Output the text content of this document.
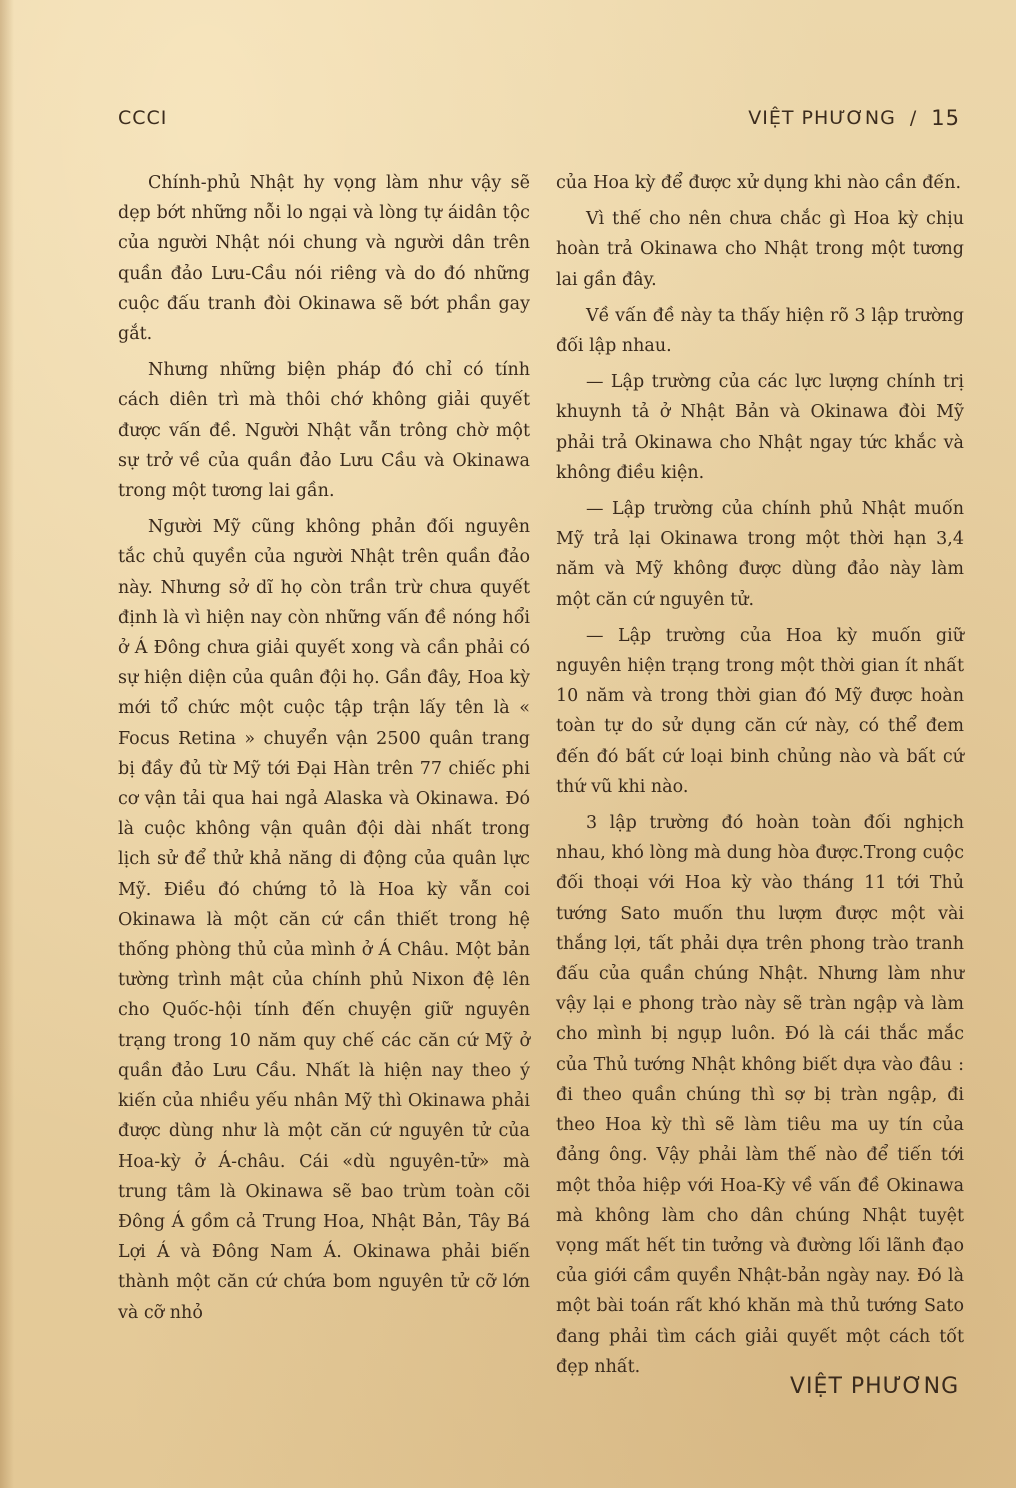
CCCI	VIỆT PHƯƠNG / 15

Chính-phủ Nhật hy vọng làm như vậy sẽ dẹp bớt những nỗi lo ngại và lòng tự áidân tộc của người Nhật nói chung và người dân trên quần đảo Lưu-Cầu nói riêng và do đó những cuộc đấu tranh đòi Okinawa sẽ bớt phần gay gắt.

Nhưng những biện pháp đó chỉ có tính cách diên trì mà thôi chớ không giải quyết được vấn đề. Người Nhật vẫn trông chờ một sự trở về của quần đảo Lưu Cầu và Okinawa trong một tương lai gần.

Người Mỹ cũng không phản đối nguyên tắc chủ quyền của người Nhật trên quần đảo này. Nhưng sở dĩ họ còn trần trừ chưa quyết định là vì hiện nay còn những vấn đề nóng hổi ở Á Đông chưa giải quyết xong và cần phải có sự hiện diện của quân đội họ. Gần đây, Hoa kỳ mới tổ chức một cuộc tập trận lấy tên là « Focus Retina » chuyển vận 2500 quân trang bị đầy đủ từ Mỹ tới Đại Hàn trên 77 chiếc phi cơ vận tải qua hai ngả Alaska và Okinawa. Đó là cuộc không vận quân đội dài nhất trong lịch sử để thử khả năng di động của quân lực Mỹ. Điều đó chứng tỏ là Hoa kỳ vẫn coi Okinawa là một căn cứ cần thiết trong hệ thống phòng thủ của mình ở Á Châu. Một bản tường trình mật của chính phủ Nixon đệ lên cho Quốc-hội tính đến chuyện giữ nguyên trạng trong 10 năm quy chế các căn cứ Mỹ ở quần đảo Lưu Cầu. Nhất là hiện nay theo ý kiến của nhiều yếu nhân Mỹ thì Okinawa phải được dùng như là một căn cứ nguyên tử của Hoa-kỳ ở Á-châu. Cái «dù nguyên-tử» mà trung tâm là Okinawa sẽ bao trùm toàn cõi Đông Á gồm cả Trung Hoa, Nhật Bản, Tây Bá Lợi Á và Đông Nam Á. Okinawa phải biến thành một căn cứ chứa bom nguyên tử cỡ lớn và cỡ nhỏ

của Hoa kỳ để được xử dụng khi nào cần đến.

Vì thế cho nên chưa chắc gì Hoa kỳ chịu hoàn trả Okinawa cho Nhật trong một tương lai gần đây.

Về vấn đề này ta thấy hiện rõ 3 lập trường đối lập nhau.

— Lập trường của các lực lượng chính trị khuynh tả ở Nhật Bản và Okinawa đòi Mỹ phải trả Okinawa cho Nhật ngay tức khắc và không điều kiện.

— Lập trường của chính phủ Nhật muốn Mỹ trả lại Okinawa trong một thời hạn 3,4 năm và Mỹ không được dùng đảo này làm một căn cứ nguyên tử.

— Lập trường của Hoa kỳ muốn giữ nguyên hiện trạng trong một thời gian ít nhất 10 năm và trong thời gian đó Mỹ được hoàn toàn tự do sử dụng căn cứ này, có thể đem đến đó bất cứ loại binh chủng nào và bất cứ thứ vũ khi nào.

3 lập trường đó hoàn toàn đối nghịch nhau, khó lòng mà dung hòa được.Trong cuộc đối thoại với Hoa kỳ vào tháng 11 tới Thủ tướng Sato muốn thu lượm được một vài thắng lợi, tất phải dựa trên phong trào tranh đấu của quần chúng Nhật. Nhưng làm như vậy lại e phong trào này sẽ tràn ngập và làm cho mình bị ngụp luôn. Đó là cái thắc mắc của Thủ tướng Nhật không biết dựa vào đâu : đi theo quần chúng thì sợ bị tràn ngập, đi theo Hoa kỳ thì sẽ làm tiêu ma uy tín của đảng ông. Vậy phải làm thế nào để tiến tới một thỏa hiệp với Hoa-Kỳ về vấn đề Okinawa mà không làm cho dân chúng Nhật tuyệt vọng mất hết tin tưởng và đường lối lãnh đạo của giới cầm quyền Nhật-bản ngày nay. Đó là một bài toán rất khó khăn mà thủ tướng Sato đang phải tìm cách giải quyết một cách tốt đẹp nhất.

VIỆT PHƯƠNG
